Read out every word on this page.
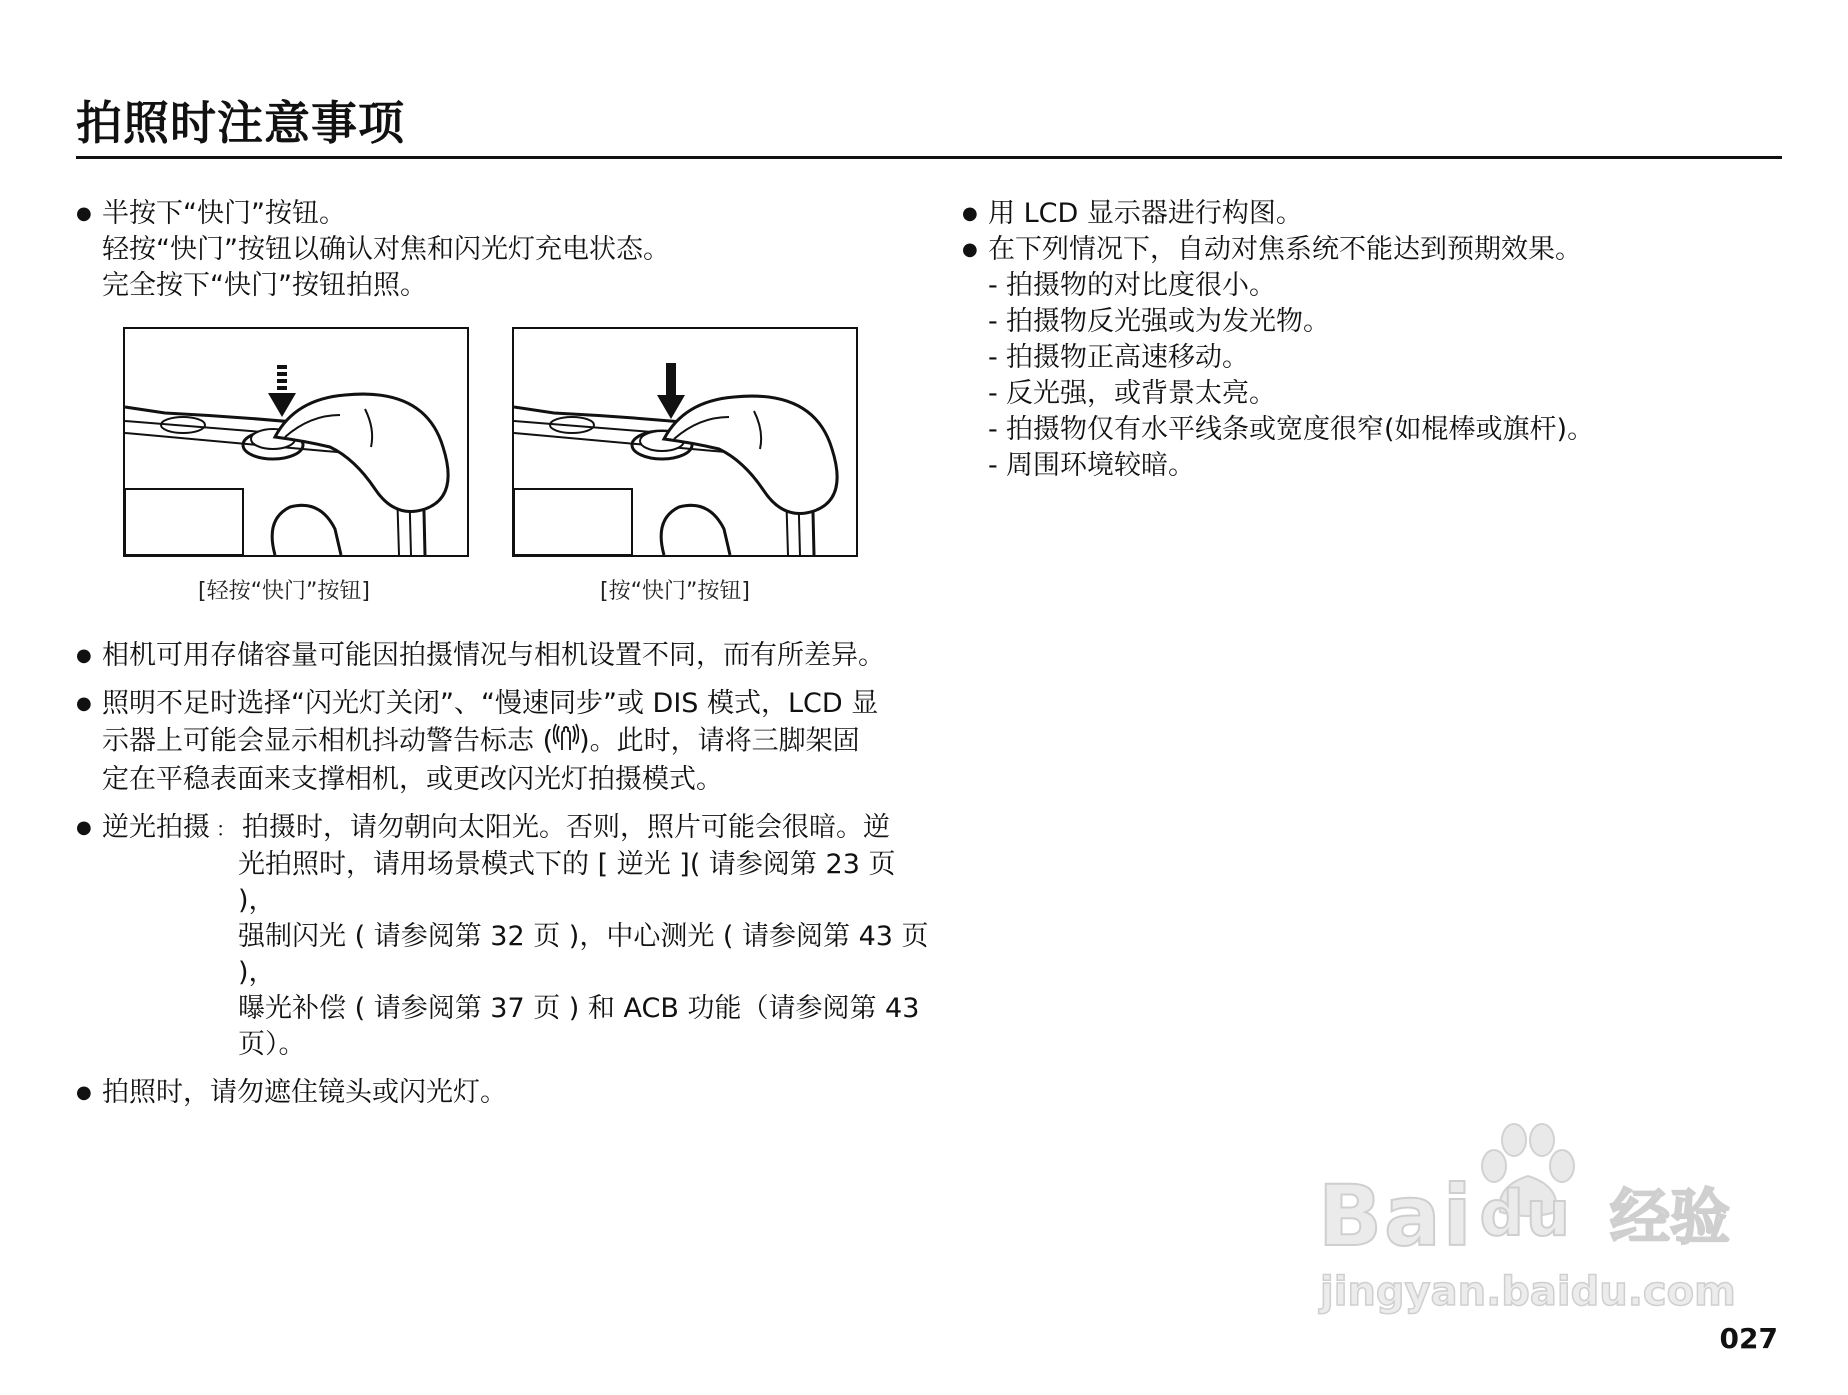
拍照时注意事项
● 半按下“快门”按钮。
轻按“快门”按钮以确认对焦和闪光灯充电状态。
完全按下“快门”按钮拍照。
[轻按“快门”按钮]	[按“快门”按钮]
● 相机可用存储容量可能因拍摄情况与相机设置不同，而有所差异。
● 照明不足时选择“闪光灯关闭”、“慢速同步”或 DIS 模式，LCD 显
示器上可能会显示相机抖动警告标志 ( )。此时，请将三脚架固
定在平稳表面来支撑相机，或更改闪光灯拍摄模式。
● 逆光拍摄 ： 拍摄时，请勿朝向太阳光。否则，照片可能会很暗。逆
光拍照时，请用场景模式下的 [ 逆光 ]( 请参阅第 23 页 )，
强制闪光 ( 请参阅第 32 页 )，中心测光 ( 请参阅第 43 页 )，
曝光补偿 ( 请参阅第 37 页 ) 和 ACB 功能（请参阅第 43
页）。
● 拍照时，请勿遮住镜头或闪光灯。
● 用 LCD 显示器进行构图。
● 在下列情况下，自动对焦系统不能达到预期效果。
- 拍摄物的对比度很小。
- 拍摄物反光强或为发光物。
- 拍摄物正高速移动。
- 反光强，或背景太亮。
- 拍摄物仅有水平线条或宽度很窄(如棍棒或旗杆)。
- 周围环境较暗。
Baidu 经验
jingyan.baidu.com
027
